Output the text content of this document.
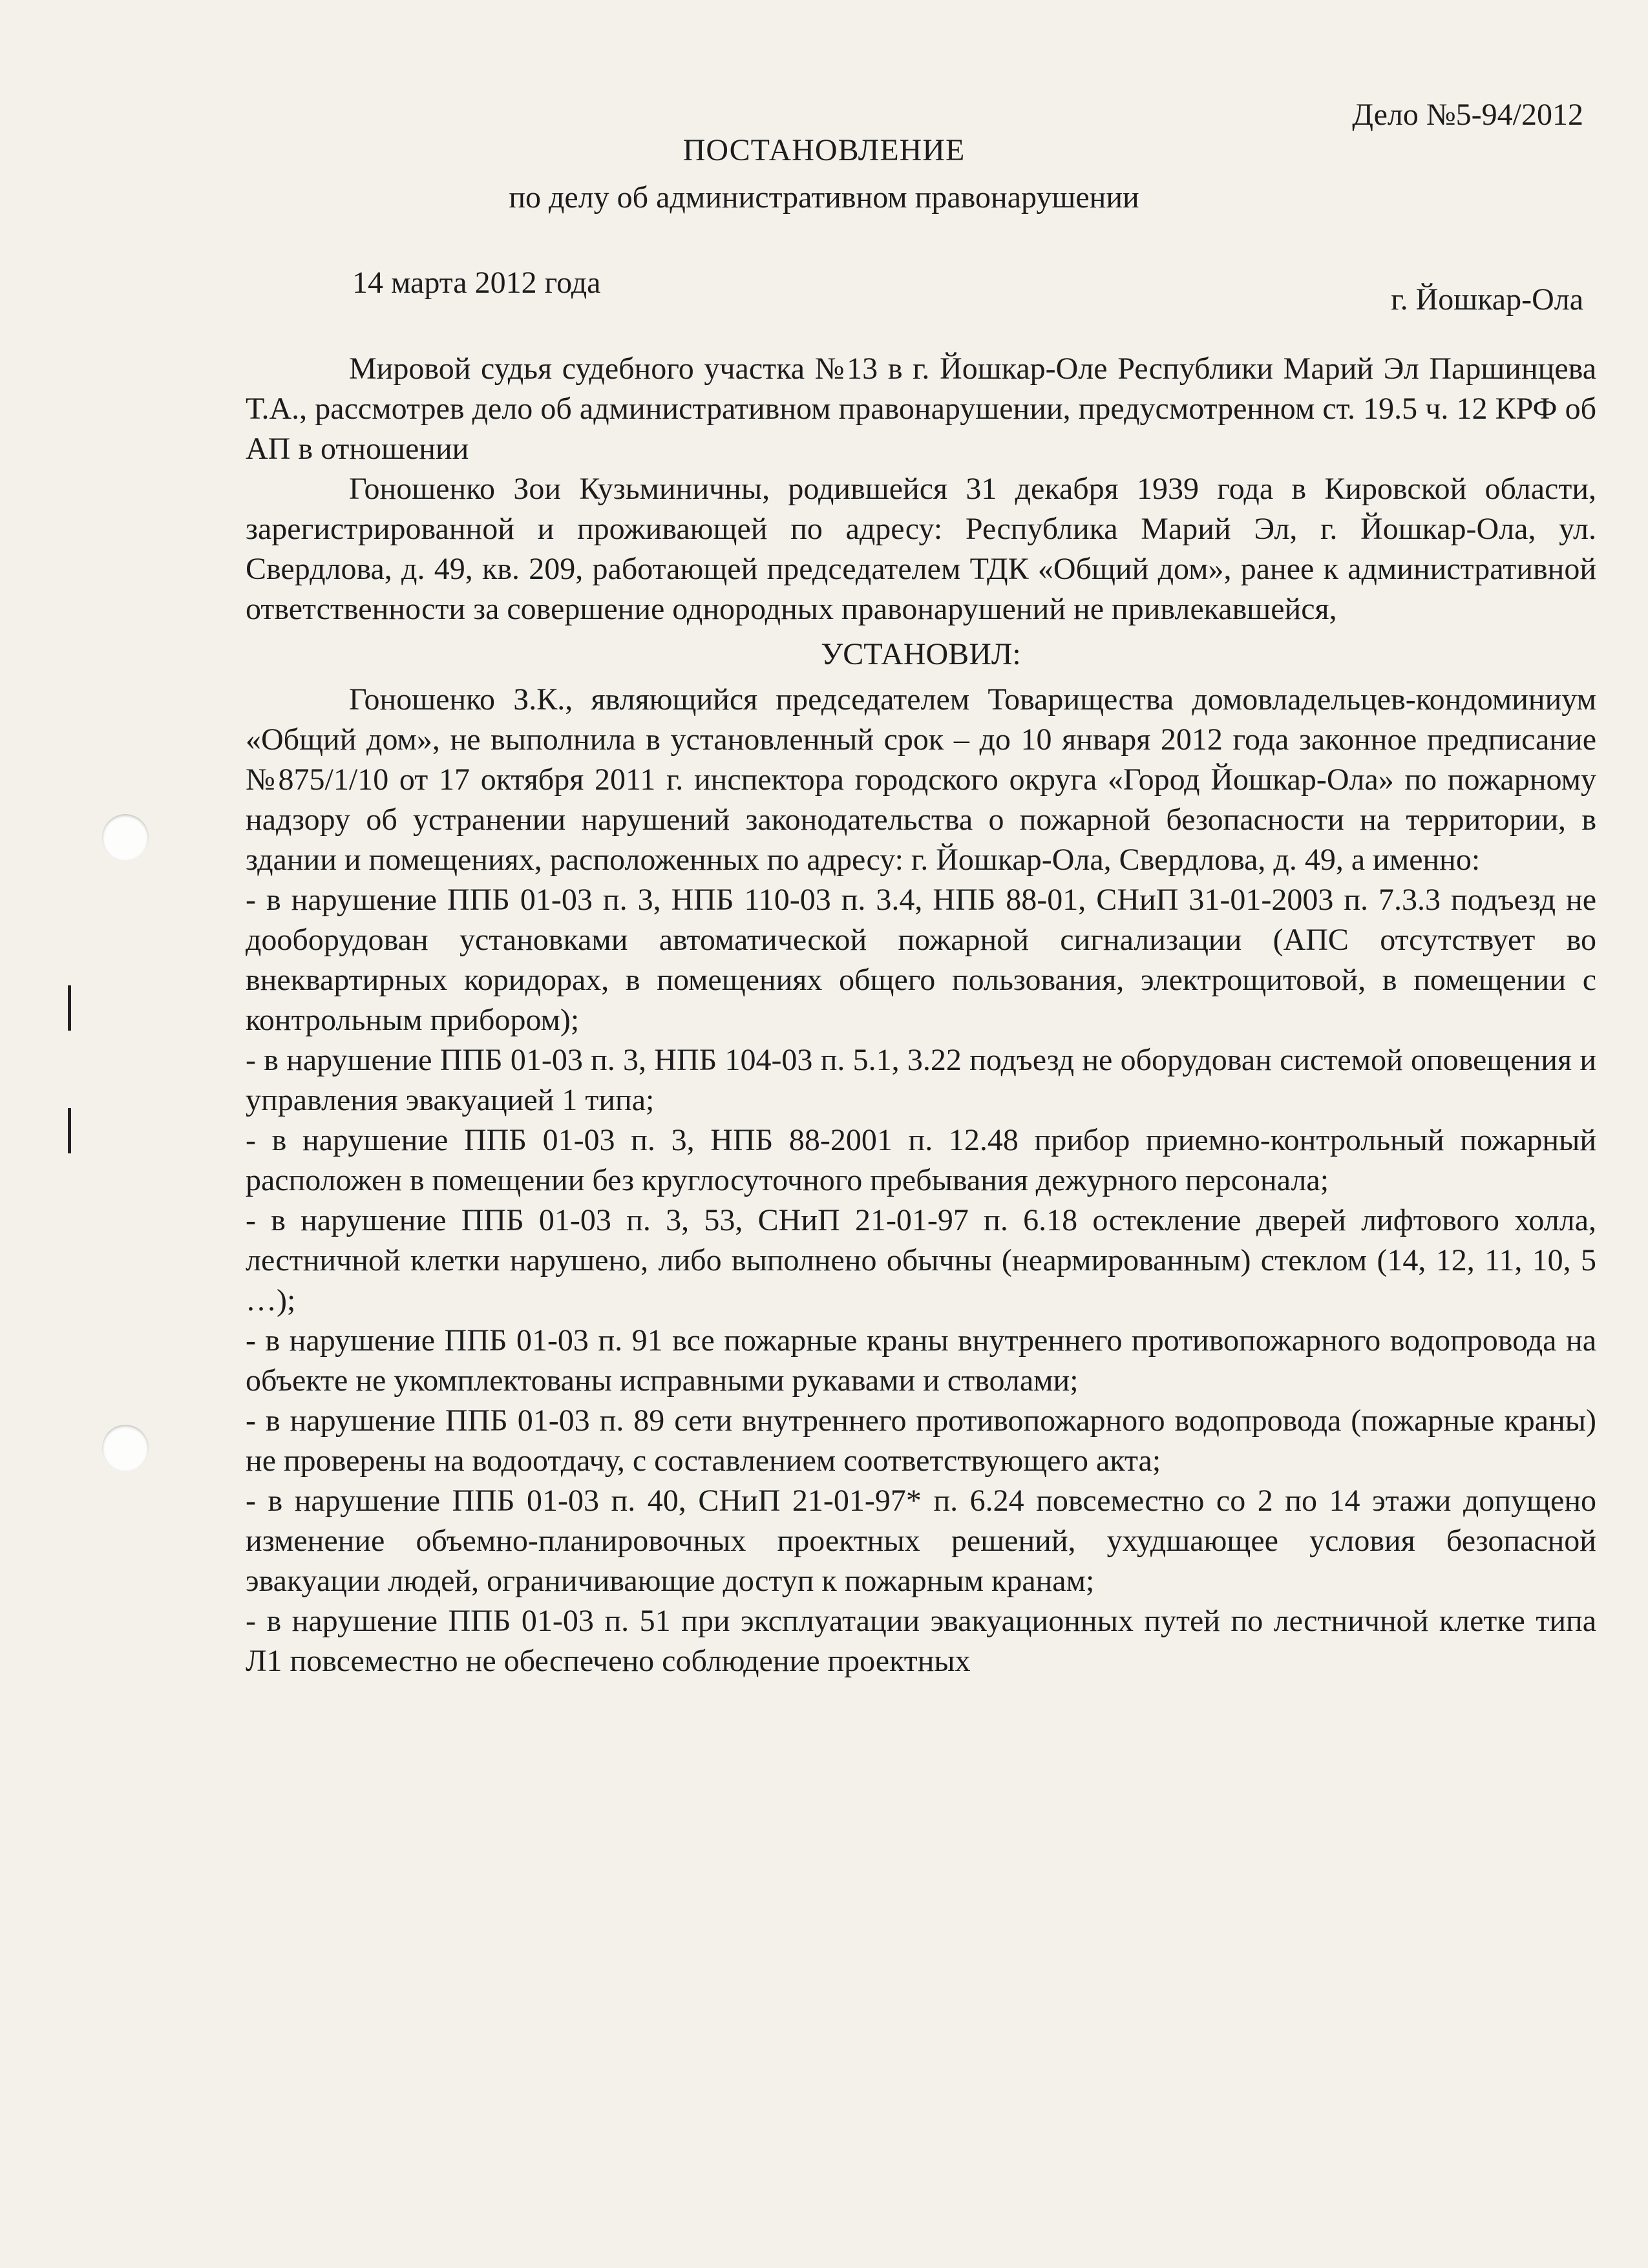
Дело №5-94/2012
ПОСТАНОВЛЕНИЕ
по делу об административном правонарушении
14 марта 2012 года	г. Йошкар-Ола

Мировой судья судебного участка №13 в г. Йошкар-Оле Республики Марий Эл Паршинцева Т.А., рассмотрев дело об административном правонарушении, предусмотренном ст. 19.5 ч. 12 КРФ об АП в отношении

Гоношенко Зои Кузьминичны, родившейся 31 декабря 1939 года в Кировской области, зарегистрированной и проживающей по адресу: Республика Марий Эл, г. Йошкар-Ола, ул. Свердлова, д. 49, кв. 209, работающей председателем ТДК «Общий дом», ранее к административной ответственности за совершение однородных правонарушений не привлекавшейся,

УСТАНОВИЛ:

Гоношенко З.К., являющийся председателем Товарищества домовладельцев-кондоминиум «Общий дом», не выполнила в установленный срок – до 10 января 2012 года законное предписание №875/1/10 от 17 октября 2011 г. инспектора городского округа «Город Йошкар-Ола» по пожарному надзору об устранении нарушений законодательства о пожарной безопасности на территории, в здании и помещениях, расположенных по адресу: г. Йошкар-Ола, Свердлова, д. 49, а именно:

- в нарушение ППБ 01-03 п. 3, НПБ 110-03 п. 3.4, НПБ 88-01, СНиП 31-01-2003 п. 7.3.3 подъезд не дооборудован установками автоматической пожарной сигнализации (АПС отсутствует во внеквартирных коридорах, в помещениях общего пользования, электрощитовой, в помещении с контрольным прибором);

- в нарушение ППБ 01-03 п. 3, НПБ 104-03 п. 5.1, 3.22 подъезд не оборудован системой оповещения и управления эвакуацией 1 типа;

- в нарушение ППБ 01-03 п. 3, НПБ 88-2001 п. 12.48 прибор приемно-контрольный пожарный расположен в помещении без круглосуточного пребывания дежурного персонала;

- в нарушение ППБ 01-03 п. 3, 53, СНиП 21-01-97 п. 6.18 остекление дверей лифтового холла, лестничной клетки нарушено, либо выполнено обычны (неармированным) стеклом (14, 12, 11, 10, 5 …);

- в нарушение ППБ 01-03 п. 91 все пожарные краны внутреннего противопожарного водопровода на объекте не укомплектованы исправными рукавами и стволами;

- в нарушение ППБ 01-03 п. 89 сети внутреннего противопожарного водопровода (пожарные краны) не проверены на водоотдачу, с составлением соответствующего акта;

- в нарушение ППБ 01-03 п. 40, СНиП 21-01-97* п. 6.24 повсеместно со 2 по 14 этажи допущено изменение объемно-планировочных проектных решений, ухудшающее условия безопасной эвакуации людей, ограничивающие доступ к пожарным кранам;

- в нарушение ППБ 01-03 п. 51 при эксплуатации эвакуационных путей по лестничной клетке типа Л1 повсеместно не обеспечено соблюдение проектных
